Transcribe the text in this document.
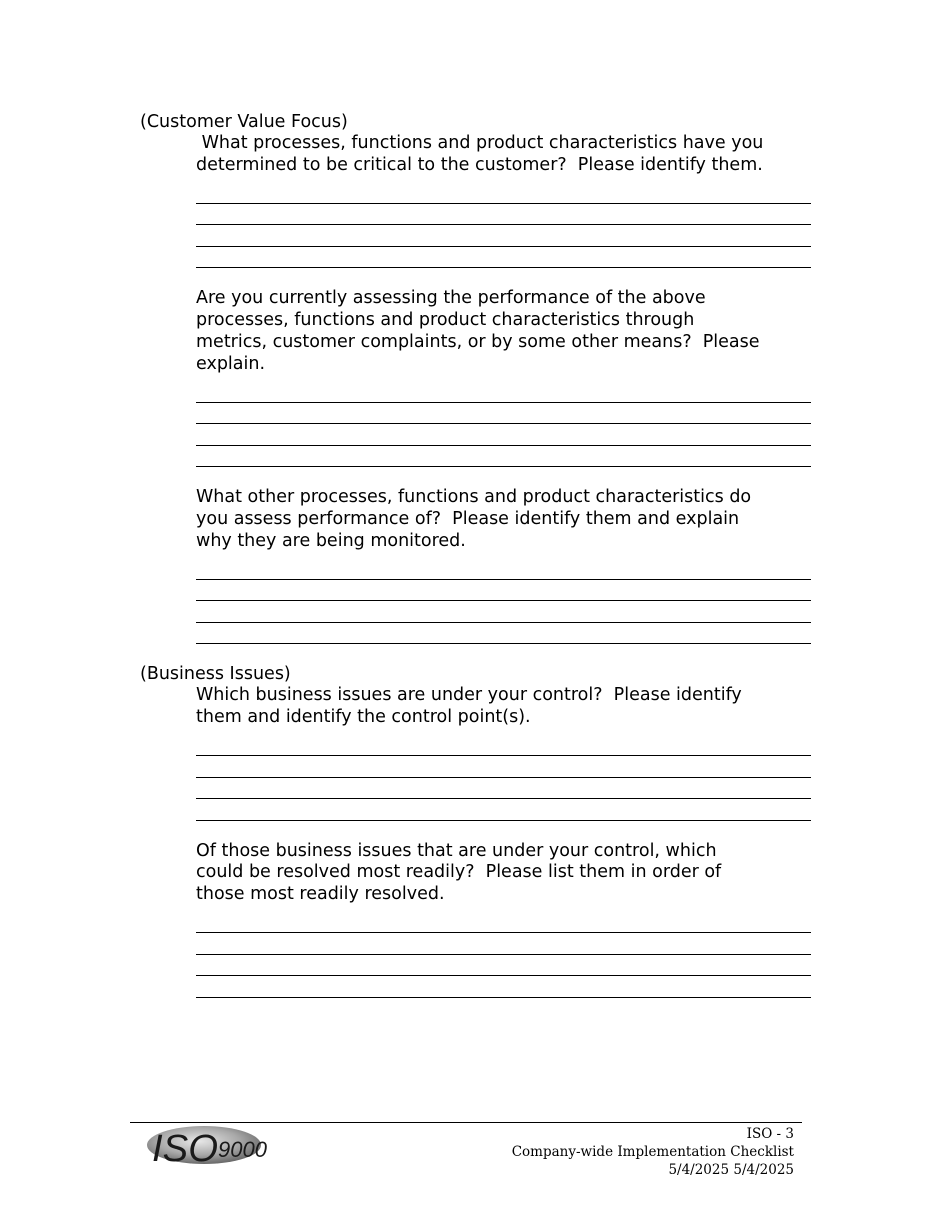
(Customer Value Focus)

What processes, functions and product characteristics have you
determined to be critical to the customer?  Please identify them.
Are you currently assessing the performance of the above
processes, functions and product characteristics through
metrics, customer complaints, or by some other means?  Please
explain.
What other processes, functions and product characteristics do
you assess performance of?  Please identify them and explain
why they are being monitored.

(Business Issues)

Which business issues are under your control?  Please identify
them and identify the control point(s).
Of those business issues that are under your control, which
could be resolved most readily?  Please list them in order of
those most readily resolved.
ISO 9000
ISO - 3
Company-wide Implementation Checklist
5/4/2025 5/4/2025
